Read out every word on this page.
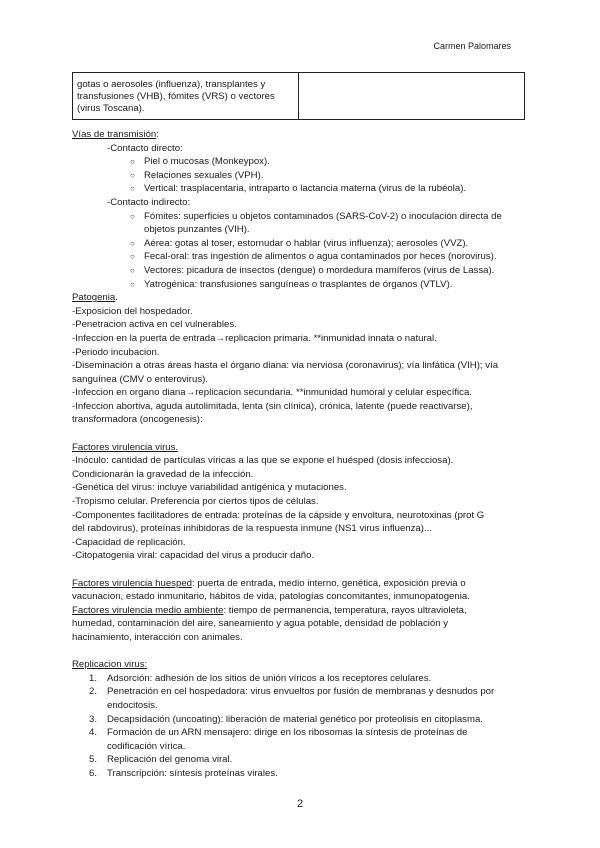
Carmen Palomares
gotas o aerosoles (influenza), transplantes y
transfusiones (VHB), fómites (VRS) o vectores
(virus Toscana).
Vías de transmisión:
-Contacto directo:
○ Piel o mucosas (Monkeypox).
○ Relaciones sexuales (VPH).
○ Vertical: trasplacentaria, intraparto o lactancia materna (virus de la rubéola).
-Contacto indirecto:
○ Fómites: superficies u objetos contaminados (SARS-CoV-2) o inoculación directa de
objetos punzantes (VIH).
○ Aérea: gotas al toser, estornudar o hablar (virus influenza); aerosoles (VVZ).
○ Fecal-oral: tras ingestión de alimentos o agua contaminados por heces (norovirus).
○ Vectores: picadura de insectos (dengue) o mordedura mamíferos (virus de Lassa).
○ Yatrogénica: transfusiones sanguíneas o trasplantes de órganos (VTLV).
Patogenia.
-Exposicion del hospedador.
-Penetracion activa en cel vulnerables.
-Infeccion en la puerta de entrada→replicacion primaria. **inmunidad innata o natural.
-Periodo incubacion.
-Diseminación a otras áreas hasta el órgano diana: via nerviosa (coronavirus); vía linfática (VIH); vía
sanguínea (CMV o enterovirus).
-Infeccion en organo diana→replicacion secundaria. **inmunidad humoral y celular específica.
-Infeccion abortiva, aguda autolimitada, lenta (sin clínica), crónica, latente (puede reactivarse),
transformadora (oncogenesis):
Factores virulencia virus.
-Inóculo: cantidad de partículas víricas a las que se expone el huésped (dosis infecciosa).
Condicionarán la gravedad de la infección.
-Genética del virus: incluye variabilidad antigénica y mutaciones.
-Tropismo celular. Preferencia por ciertos tipos de células.
-Componentes facilitadores de entrada: proteínas de la cápside y envoltura, neurotoxinas (prot G
del rabdovirus), proteínas inhibidoras de la respuesta inmune (NS1 virus influenza)...
-Capacidad de replicación.
-Citopatogenia viral: capacidad del virus a producir daño.
Factores virulencia huesped: puerta de entrada, medio interno, genética, exposición previa o
vacunacion, estado inmunitario, hábitos de vida, patologías concomitantes, inmunopatogenia.
Factores virulencia medio ambiente: tiempo de permanencia, temperatura, rayos ultravioleta,
humedad, contaminación del aire, saneamiento y agua potable, densidad de población y
hacinamiento, interacción con animales.
Replicacion virus:
1. Adsorción: adhesión de los sitios de unión víricos a los receptores celulares.
2. Penetración en cel hospedadora: virus envueltos por fusión de membranas y desnudos por
endocitosis.
3. Decapsidación (uncoating): liberación de material genético por proteolisis en citoplasma.
4. Formación de un ARN mensajero: dirige en los ribosomas la síntesis de proteínas de
codificación vírica.
5. Replicación del genoma viral.
6. Transcripción: síntesis proteínas virales.
2
